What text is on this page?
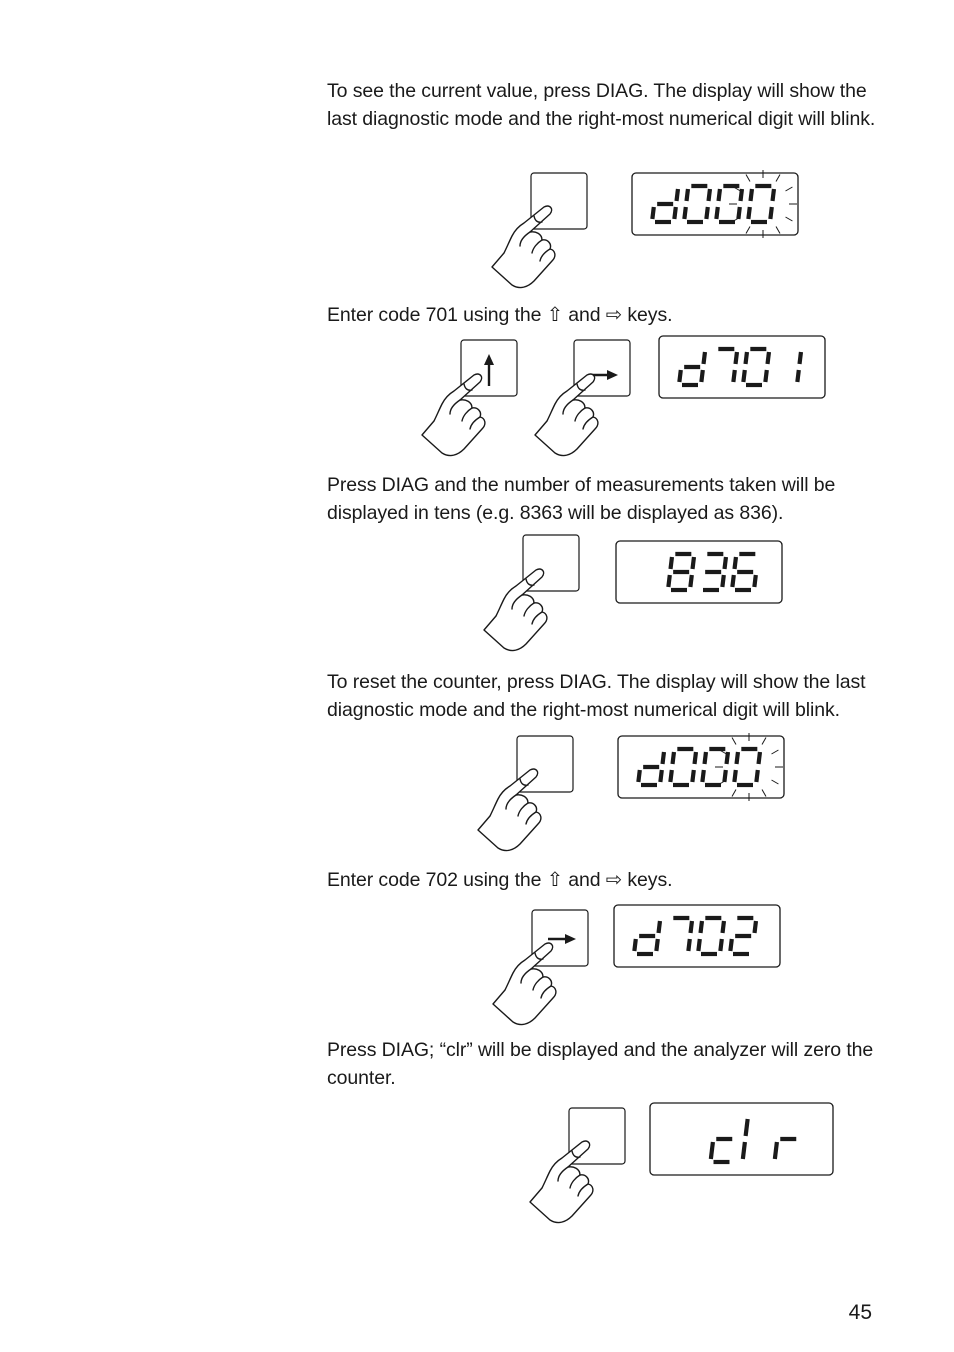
To see the current value, press DIAG. The display will show the last diagnostic mode and the right-most numerical digit will blink.

Enter code 701 using the ⇧ and ⇨ keys.

Press DIAG and the number of measurements taken will be displayed in tens (e.g. 8363 will be displayed as 836).

To reset the counter, press DIAG. The display will show the last diagnostic mode and the right-most numerical digit will blink.

Enter code 702 using the ⇧ and ⇨ keys.

Press DIAG; “clr” will be displayed and the analyzer will zero the counter.

45
